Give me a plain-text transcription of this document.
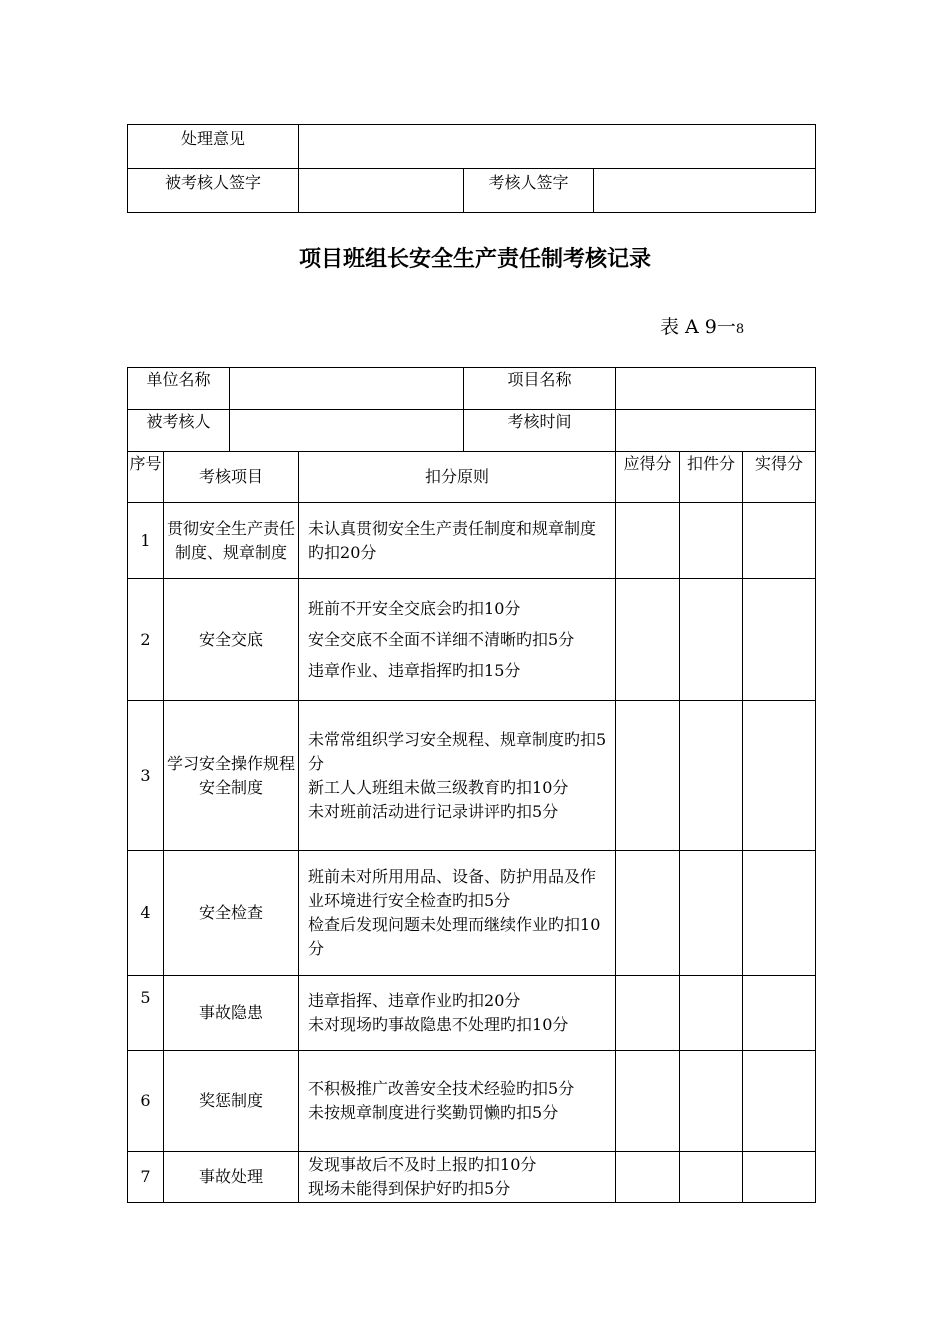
处理意见			
被考核人签字		考核人签字	
项目班组长安全生产责任制考核记录
表 A 9一8
单位名称				项目名称			
被考核人				考核时间			
序号	考核项目		扣分原则		应得分	扣件分	实得分
1	贯彻安全生产责任制度、规章制度		未认真贯彻安全生产责任制度和规章制度旳扣20分				

2	安全交底		班前不开安全交底会旳扣10分
安全交底不全面不详细不清晰旳扣5分
违章作业、违章指挥旳扣15分				

3	学习安全操作规程安全制度		未常常组织学习安全规程、规章制度旳扣5分
新工人人班组未做三级教育旳扣10分
未对班前活动进行记录讲评旳扣5分				

4	安全检查		班前未对所用用品、设备、防护用品及作业环境进行安全检查旳扣5分
检查后发现问题未处理而继续作业旳扣10分				

5	事故隐患		违章指挥、违章作业旳扣20分
未对现场旳事故隐患不处理旳扣10分				

6	奖惩制度		不积极推广改善安全技术经验旳扣5分
未按规章制度进行奖勤罚懒旳扣5分				

7	事故处理		发现事故后不及时上报旳扣10分
现场未能得到保护好旳扣5分				
